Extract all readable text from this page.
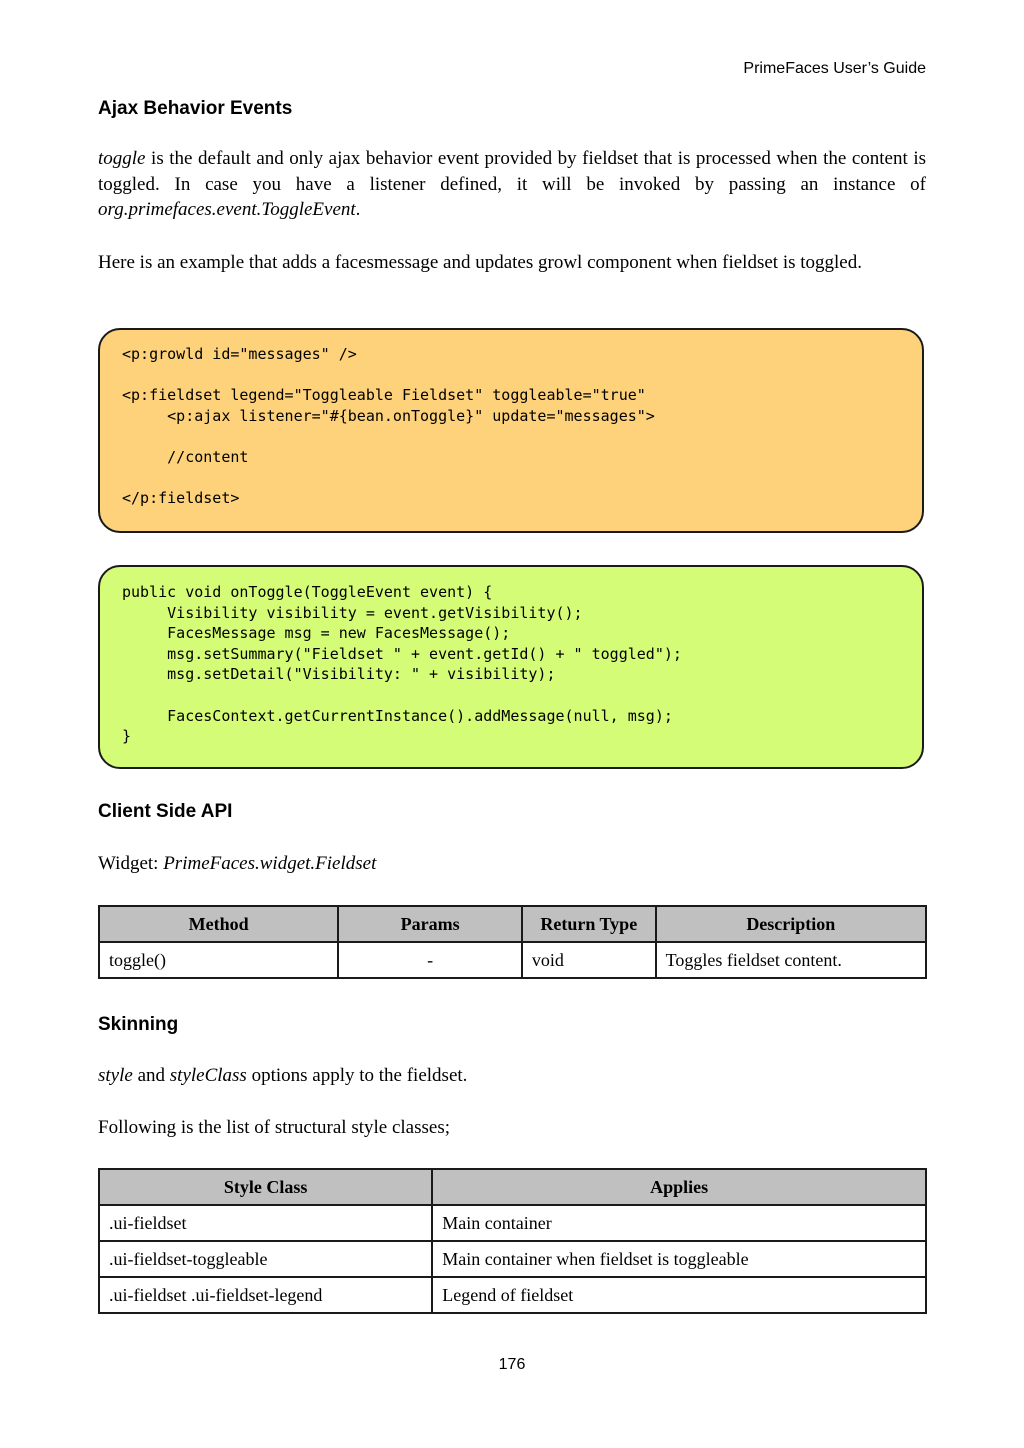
PrimeFaces User’s Guide
Ajax Behavior Events

toggle is the default and only ajax behavior event provided by fieldset that is processed when the content is toggled. In case you have a listener defined, it will be invoked by passing an instance of org.primefaces.event.ToggleEvent.

Here is an example that adds a facesmessage and updates growl component when fieldset is toggled.

<p:growld id="messages" />

<p:fieldset legend="Toggleable Fieldset" toggleable="true"
<p:ajax listener="#{bean.onToggle}" update="messages">

//content

</p:fieldset>
public void onToggle(ToggleEvent event) {
Visibility visibility = event.getVisibility();
FacesMessage msg = new FacesMessage();
msg.setSummary("Fieldset " + event.getId() + " toggled");
msg.setDetail("Visibility: " + visibility);

FacesContext.getCurrentInstance().addMessage(null, msg);
}
Client Side API

Widget: PrimeFaces.widget.Fieldset

Method	Params	Return Type	Description
toggle()	-	void	Toggles fieldset content.
Skinning

style and styleClass options apply to the fieldset.

Following is the list of structural style classes;

Style Class	Applies
.ui-fieldset	Main container
.ui-fieldset-toggleable	Main container when fieldset is toggleable
.ui-fieldset .ui-fieldset-legend	Legend of fieldset
176
